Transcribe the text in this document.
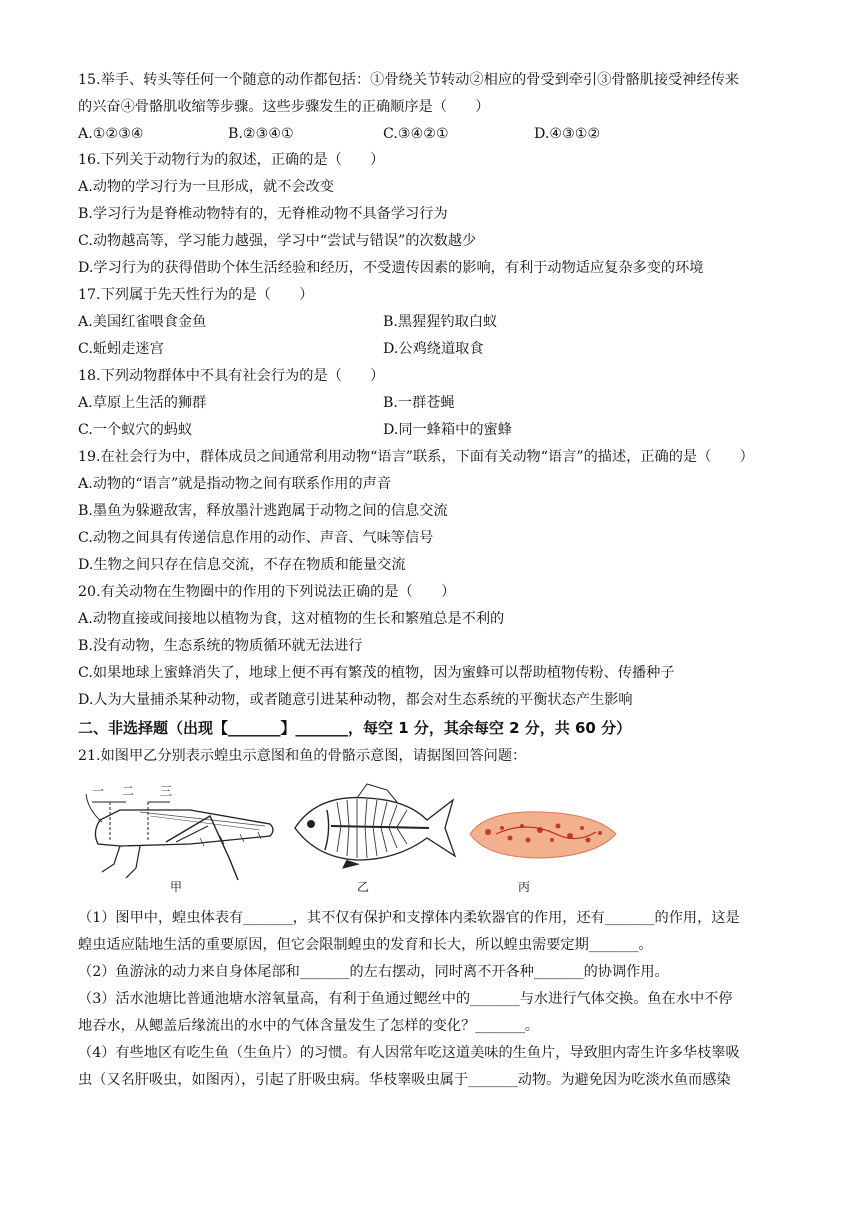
15.举手、转头等任何一个随意的动作都包括：①骨绕关节转动②相应的骨受到牵引③骨骼肌接受神经传来
的兴奋④骨骼肌收缩等步骤。这些步骤发生的正确顺序是（　　）
A.①②③④	B.②③④①	C.③④②①	D.④③①②
16.下列关于动物行为的叙述，正确的是（　　）
A.动物的学习行为一旦形成，就不会改变
B.学习行为是脊椎动物特有的，无脊椎动物不具备学习行为
C.动物越高等，学习能力越强，学习中“尝试与错误”的次数越少
D.学习行为的获得借助个体生活经验和经历，不受遗传因素的影响，有利于动物适应复杂多变的环境
17.下列属于先天性行为的是（　　）
A.美国红雀喂食金鱼	B.黑猩猩钓取白蚁
C.蚯蚓走迷宫	D.公鸡绕道取食
18.下列动物群体中不具有社会行为的是（　　）
A.草原上生活的狮群	B.一群苍蝇
C.一个蚁穴的蚂蚁	D.同一蜂箱中的蜜蜂
19.在社会行为中，群体成员之间通常利用动物“语言”联系，下面有关动物“语言”的描述，正确的是（　　）
A.动物的“语言”就是指动物之间有联系作用的声音
B.墨鱼为躲避敌害，释放墨汁逃跑属于动物之间的信息交流
C.动物之间具有传递信息作用的动作、声音、气味等信号
D.生物之间只存在信息交流，不存在物质和能量交流
20.有关动物在生物圈中的作用的下列说法正确的是（　　）
A.动物直接或间接地以植物为食，这对植物的生长和繁殖总是不利的
B.没有动物，生态系统的物质循环就无法进行
C.如果地球上蜜蜂消失了，地球上便不再有繁茂的植物，因为蜜蜂可以帮助植物传粉、传播种子
D.人为大量捕杀某种动物，或者随意引进某种动物，都会对生态系统的平衡状态产生影响
二、非选择题（出现【_______】_______，每空 1 分，其余每空 2 分，共 60 分）
21.如图甲乙分别表示蝗虫示意图和鱼的骨骼示意图，请据图回答问题：
一 二 三
甲	乙	丙
（1）图甲中，蝗虫体表有_______，其不仅有保护和支撑体内柔软器官的作用，还有_______的作用，这是
蝗虫适应陆地生活的重要原因，但它会限制蝗虫的发育和长大，所以蝗虫需要定期_______。
（2）鱼游泳的动力来自身体尾部和_______的左右摆动，同时离不开各种_______的协调作用。
（3）活水池塘比普通池塘水溶氧量高，有利于鱼通过鳃丝中的_______与水进行气体交换。鱼在水中不停
地吞水，从鳃盖后缘流出的水中的气体含量发生了怎样的变化？_______。
（4）有些地区有吃生鱼（生鱼片）的习惯。有人因常年吃这道美味的生鱼片，导致胆内寄生许多华枝睾吸
虫（又名肝吸虫，如图丙），引起了肝吸虫病。华枝睾吸虫属于_______动物。为避免因为吃淡水鱼而感染
